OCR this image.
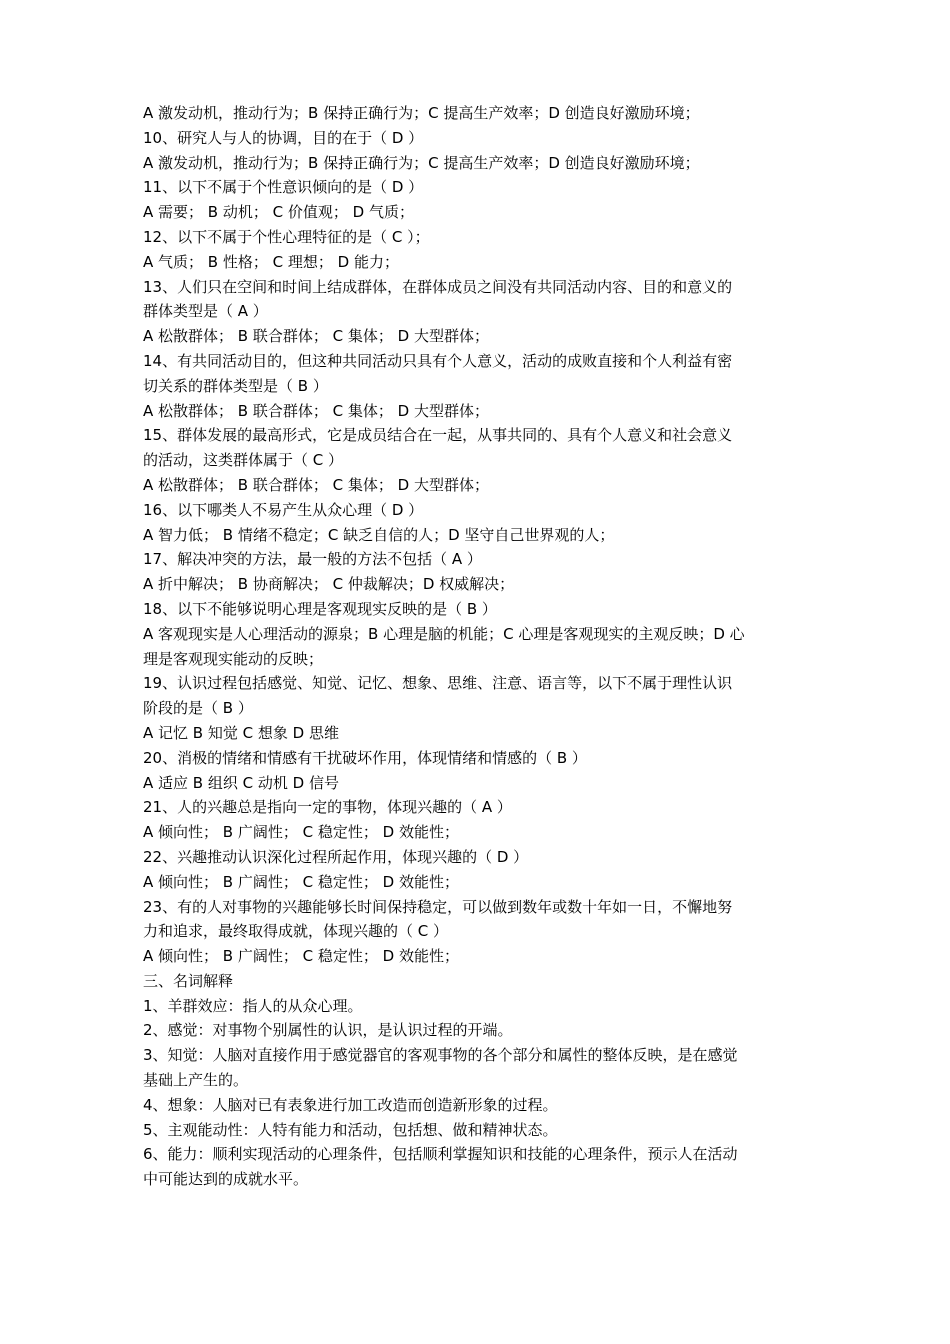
A 激发动机，推动行为；B 保持正确行为；C 提高生产效率；D 创造良好激励环境；
10、研究人与人的协调，目的在于（ D ）
A 激发动机，推动行为；B 保持正确行为；C 提高生产效率；D 创造良好激励环境；
11、以下不属于个性意识倾向的是（ D ）
A 需要； B 动机； C 价值观； D 气质；
12、以下不属于个性心理特征的是（ C ）；
A 气质； B 性格； C 理想； D 能力；
13、人们只在空间和时间上结成群体，在群体成员之间没有共同活动内容、目的和意义的
群体类型是（ A ）
A 松散群体； B 联合群体； C 集体； D 大型群体；
14、有共同活动目的，但这种共同活动只具有个人意义，活动的成败直接和个人利益有密
切关系的群体类型是（ B ）
A 松散群体； B 联合群体； C 集体； D 大型群体；
15、群体发展的最高形式，它是成员结合在一起，从事共同的、具有个人意义和社会意义
的活动，这类群体属于（ C ）
A 松散群体； B 联合群体； C 集体； D 大型群体；
16、以下哪类人不易产生从众心理（ D ）
A 智力低； B 情绪不稳定；C 缺乏自信的人；D 坚守自己世界观的人；
17、解决冲突的方法，最一般的方法不包括（ A ）
A 折中解决； B 协商解决； C 仲裁解决；D 权威解决；
18、以下不能够说明心理是客观现实反映的是（ B ）
A 客观现实是人心理活动的源泉；B 心理是脑的机能；C 心理是客观现实的主观反映；D 心
理是客观现实能动的反映；
19、认识过程包括感觉、知觉、记忆、想象、思维、注意、语言等，以下不属于理性认识
阶段的是（ B ）
A 记忆 B 知觉 C 想象 D 思维
20、消极的情绪和情感有干扰破坏作用，体现情绪和情感的（ B ）
A 适应 B 组织 C 动机 D 信号
21、人的兴趣总是指向一定的事物，体现兴趣的（ A ）
A 倾向性； B 广阔性； C 稳定性； D 效能性；
22、兴趣推动认识深化过程所起作用，体现兴趣的（ D ）
A 倾向性； B 广阔性； C 稳定性； D 效能性；
23、有的人对事物的兴趣能够长时间保持稳定，可以做到数年或数十年如一日，不懈地努
力和追求，最终取得成就，体现兴趣的（ C ）
A 倾向性； B 广阔性； C 稳定性； D 效能性；
三、名词解释
1、羊群效应：指人的从众心理。
2、感觉：对事物个别属性的认识，是认识过程的开端。
3、知觉：人脑对直接作用于感觉器官的客观事物的各个部分和属性的整体反映，是在感觉
基础上产生的。
4、想象：人脑对已有表象进行加工改造而创造新形象的过程。
5、主观能动性：人特有能力和活动，包括想、做和精神状态。
6、能力：顺利实现活动的心理条件，包括顺利掌握知识和技能的心理条件，预示人在活动
中可能达到的成就水平。
